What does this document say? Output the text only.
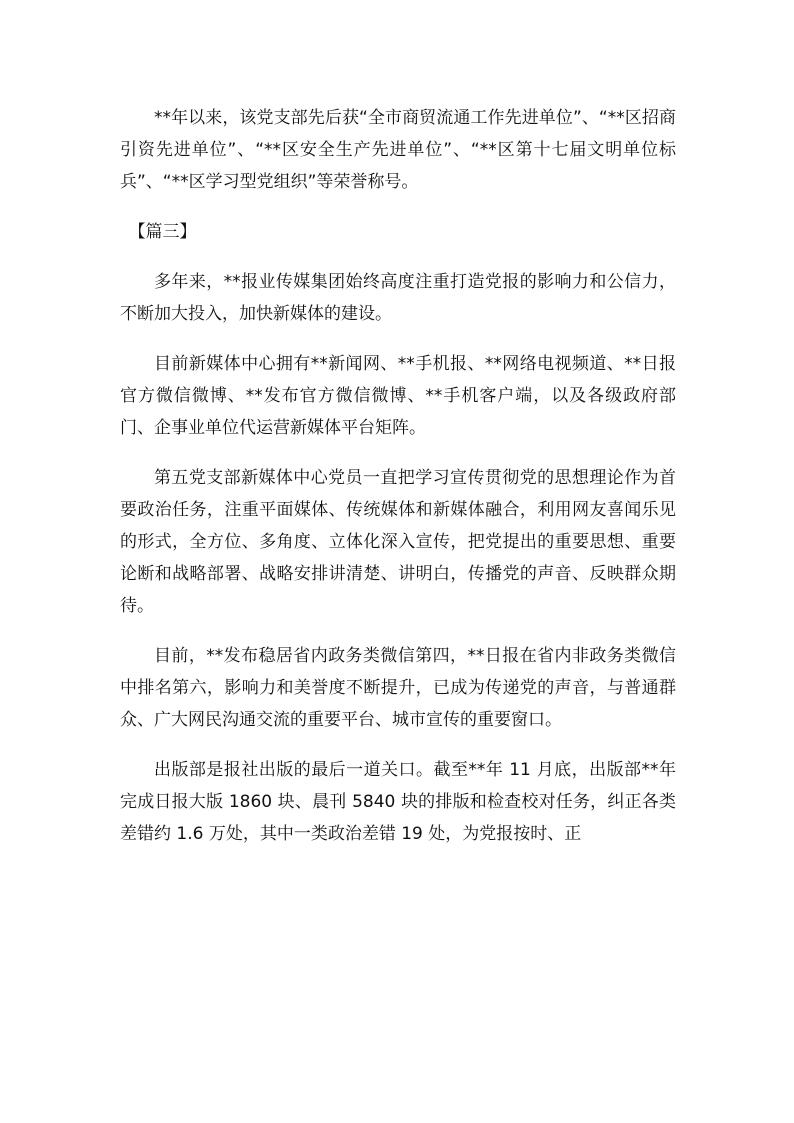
**年以来，该党支部先后获“全市商贸流通工作先进单位”、“**区招商引资先进单位”、“**区安全生产先进单位”、“**区第十七届文明单位标兵”、“**区学习型党组织”等荣誉称号。

【篇三】

多年来，**报业传媒集团始终高度注重打造党报的影响力和公信力，不断加大投入，加快新媒体的建设。

目前新媒体中心拥有**新闻网、**手机报、**网络电视频道、**日报官方微信微博、**发布官方微信微博、**手机客户端，以及各级政府部门、企事业单位代运营新媒体平台矩阵。

第五党支部新媒体中心党员一直把学习宣传贯彻党的思想理论作为首要政治任务，注重平面媒体、传统媒体和新媒体融合，利用网友喜闻乐见的形式，全方位、多角度、立体化深入宣传，把党提出的重要思想、重要论断和战略部署、战略安排讲清楚、讲明白，传播党的声音、反映群众期待。

目前，**发布稳居省内政务类微信第四，**日报在省内非政务类微信中排名第六，影响力和美誉度不断提升，已成为传递党的声音，与普通群众、广大网民沟通交流的重要平台、城市宣传的重要窗口。

出版部是报社出版的最后一道关口。截至**年 11 月底，出版部**年完成日报大版 1860 块、晨刊 5840 块的排版和检查校对任务，纠正各类差错约 1.6 万处，其中一类政治差错 19 处，为党报按时、正
